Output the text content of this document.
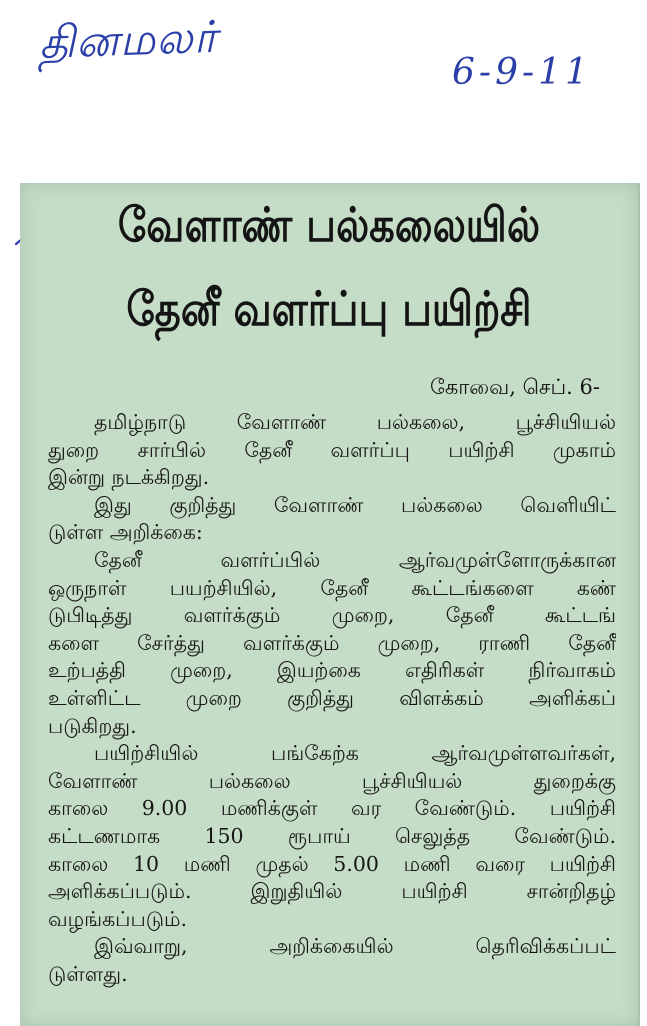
தினமலர்
6-9-11
வேளாண் பல்கலையில்
தேனீ வளர்ப்பு பயிற்சி
கோவை, செப். 6-
தமிழ்நாடு வேளாண் பல்கலை, பூச்சியியல்
துறை சார்பில் தேனீ வளர்ப்பு பயிற்சி முகாம்
இன்று நடக்கிறது.
இது குறித்து வேளாண் பல்கலை வெளியிட்
டுள்ள அறிக்கை:
தேனீ வளர்ப்பில் ஆர்வமுள்ளோருக்கான
ஒருநாள் பயற்சியில், தேனீ கூட்டங்களை கண்
டுபிடித்து வளர்க்கும் முறை, தேனீ கூட்டங்
களை சேர்த்து வளர்க்கும் முறை, ராணி தேனீ
உற்பத்தி முறை, இயற்கை எதிரிகள் நிர்வாகம்
உள்ளிட்ட முறை குறித்து விளக்கம் அளிக்கப்
படுகிறது.
பயிற்சியில் பங்கேற்க ஆர்வமுள்ளவர்கள்,
வேளாண் பல்கலை பூச்சியியல் துறைக்கு
காலை 9.00 மணிக்குள் வர வேண்டும். பயிற்சி
கட்டணமாக 150 ரூபாய் செலுத்த வேண்டும்.
காலை 10 மணி முதல் 5.00 மணி வரை பயிற்சி
அளிக்கப்படும். இறுதியில் பயிற்சி சான்றிதழ்
வழங்கப்படும்.
இவ்வாறு, அறிக்கையில் தெரிவிக்கப்பட்
டுள்ளது.
